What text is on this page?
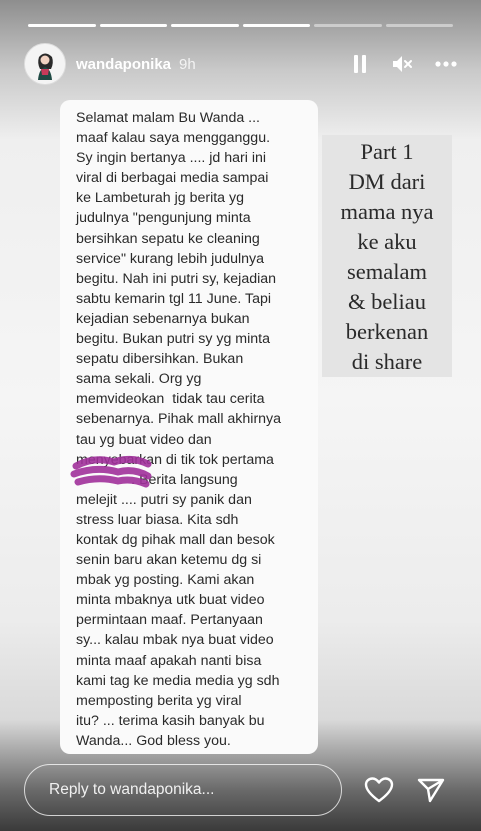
wandaponika 9h
Selamat malam Bu Wanda ...
maaf kalau saya mengganggu.
Sy ingin bertanya .... jd hari ini
viral di berbagai media sampai
ke Lambeturah jg berita yg
judulnya "pengunjung minta
bersihkan sepatu ke cleaning
service" kurang lebih judulnya
begitu. Nah ini putri sy, kejadian
sabtu kemarin tgl 11 June. Tapi
kejadian sebenarnya bukan
begitu. Bukan putri sy yg minta
sepatu dibersihkan. Bukan
sama sekali. Org yg
memvideokan  tidak tau cerita
sebenarnya. Pihak mall akhirnya
tau yg buat video dan
menyebarkan di tik tok pertama
. Berita langsung
melejit .... putri sy panik dan
stress luar biasa. Kita sdh
kontak dg pihak mall dan besok
senin baru akan ketemu dg si
mbak yg posting. Kami akan
minta mbaknya utk buat video
permintaan maaf. Pertanyaan
sy... kalau mbak nya buat video
minta maaf apakah nanti bisa
kami tag ke media media yg sdh
memposting berita yg viral
itu? ... terima kasih banyak bu
Wanda... God bless you.
Part 1
DM dari
mama nya
ke aku
semalam
& beliau
berkenan
di share
Reply to wandaponika...
